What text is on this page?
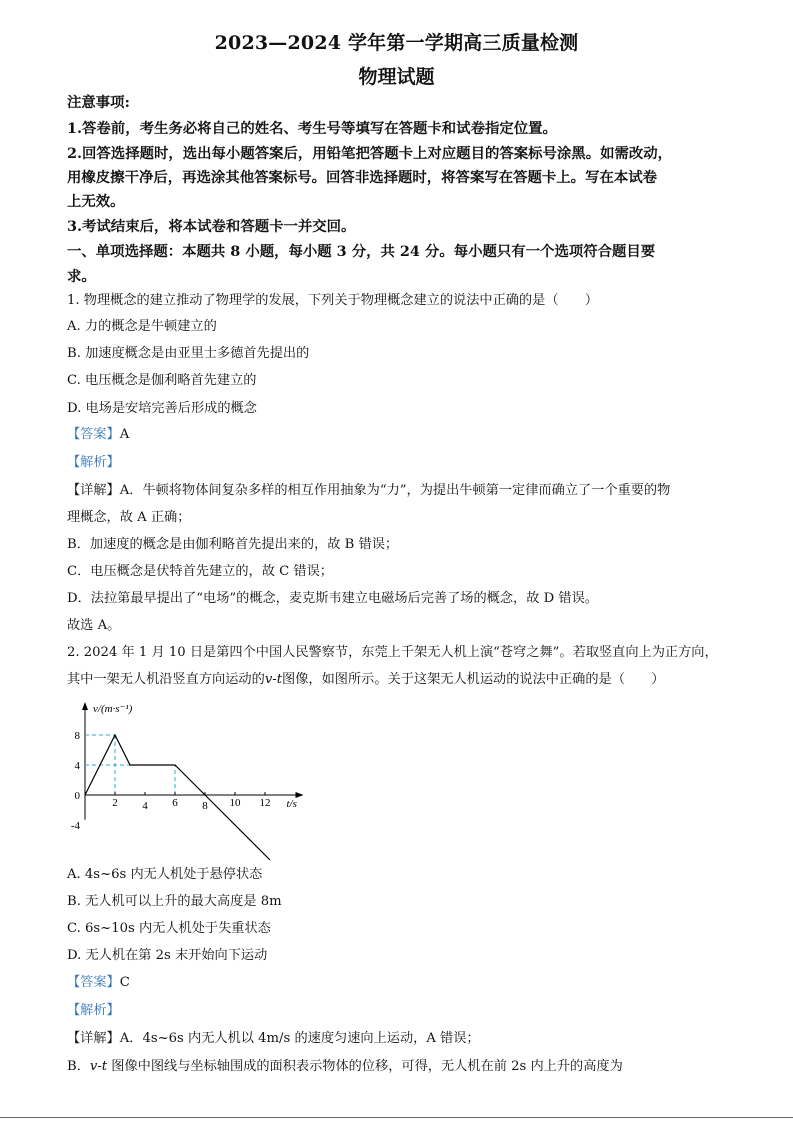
2023—2024 学年第一学期高三质量检测
物理试题
注意事项:
1.答卷前，考生务必将自己的姓名、考生号等填写在答题卡和试卷指定位置。
2.回答选择题时，选出每小题答案后，用铅笔把答题卡上对应题目的答案标号涂黑。如需改动，
用橡皮擦干净后，再选涂其他答案标号。回答非选择题时，将答案写在答题卡上。写在本试卷
上无效。
3.考试结束后，将本试卷和答题卡一并交回。
一、单项选择题：本题共 8 小题，每小题 3 分，共 24 分。每小题只有一个选项符合题目要
求。
1. 物理概念的建立推动了物理学的发展，下列关于物理概念建立的说法中正确的是（　　）
A. 力的概念是牛顿建立的
B. 加速度概念是由亚里士多德首先提出的
C. 电压概念是伽利略首先建立的
D. 电场是安培完善后形成的概念
【答案】A
【解析】
【详解】A．牛顿将物体间复杂多样的相互作用抽象为“力”，为提出牛顿第一定律而确立了一个重要的物
理概念，故 A 正确；
B．加速度的概念是由伽利略首先提出来的，故 B 错误；
C．电压概念是伏特首先建立的，故 C 错误；
D．法拉第最早提出了“电场”的概念，麦克斯韦建立电磁场后完善了场的概念，故 D 错误。
故选 A。
2. 2024 年 1 月 10 日是第四个中国人民警察节，东莞上千架无人机上演“苍穹之舞”。若取竖直向上为正方向，
其中一架无人机沿竖直方向运动的v-t图像，如图所示。关于这架无人机运动的说法中正确的是（　　）
v/(m·s⁻¹)
t/s
2 4 6 8 10 12
8
4
0
-4
A. 4s~6s 内无人机处于悬停状态
B. 无人机可以上升的最大高度是 8m
C. 6s~10s 内无人机处于失重状态
D. 无人机在第 2s 末开始向下运动
【答案】C
【解析】
【详解】A．4s~6s 内无人机以 4m/s 的速度匀速向上运动，A 错误；
B．v-t 图像中图线与坐标轴围成的面积表示物体的位移，可得，无人机在前 2s 内上升的高度为
